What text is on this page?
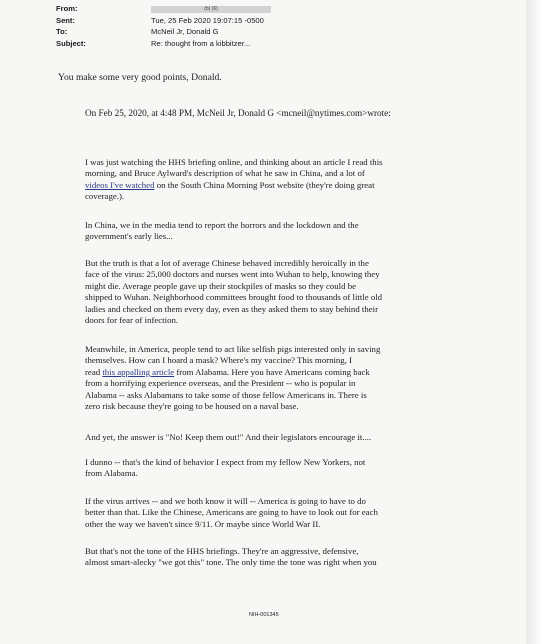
From:	(b) (6)
Sent:	Tue, 25 Feb 2020 19:07:15 -0500
To:	McNeil Jr, Donald G
Subject:	Re: thought from a kibbitzer...
You make some very good points, Donald.
On Feb 25, 2020, at 4:48 PM, McNeil Jr, Donald G <mcneil@nytimes.com>wrote:

I was just watching the HHS briefing online, and thinking about an article I read this
morning, and Bruce Aylward's description of what he saw in China, and a lot of
videos I've watched on the South China Morning Post website (they're doing great
coverage.).

In China, we in the media tend to report the horrors and the lockdown and the
government's early lies...

But the truth is that a lot of average Chinese behaved incredibly heroically in the
face of the virus: 25,000 doctors and nurses went into Wuhan to help, knowing they
might die. Average people gave up their stockpiles of masks so they could be
shipped to Wuhan. Neighborhood committees brought food to thousands of little old
ladies and checked on them every day, even as they asked them to stay behind their
doors for fear of infection.

Meanwhile, in America, people tend to act like selfish pigs interested only in saving
themselves. How can I hoard a mask? Where's my vaccine? This morning, I
read this appalling article from Alabama. Here you have Americans coming back
from a horrifying experience overseas, and the President -- who is popular in
Alabama -- asks Alabamans to take some of those fellow Americans in. There is
zero risk because they're going to be housed on a naval base.

And yet, the answer is "No! Keep them out!" And their legislators encourage it....

I dunno -- that's the kind of behavior I expect from my fellow New Yorkers, not
from Alabama.

If the virus arrives -- and we both know it will -- America is going to have to do
better than that. Like the Chinese, Americans are going to have to look out for each
other the way we haven't since 9/11. Or maybe since World War II.

But that's not the tone of the HHS briefings. They're an aggressive, defensive,
almost smart-alecky "we got this" tone. The only time the tone was right when you

NIH-001345
